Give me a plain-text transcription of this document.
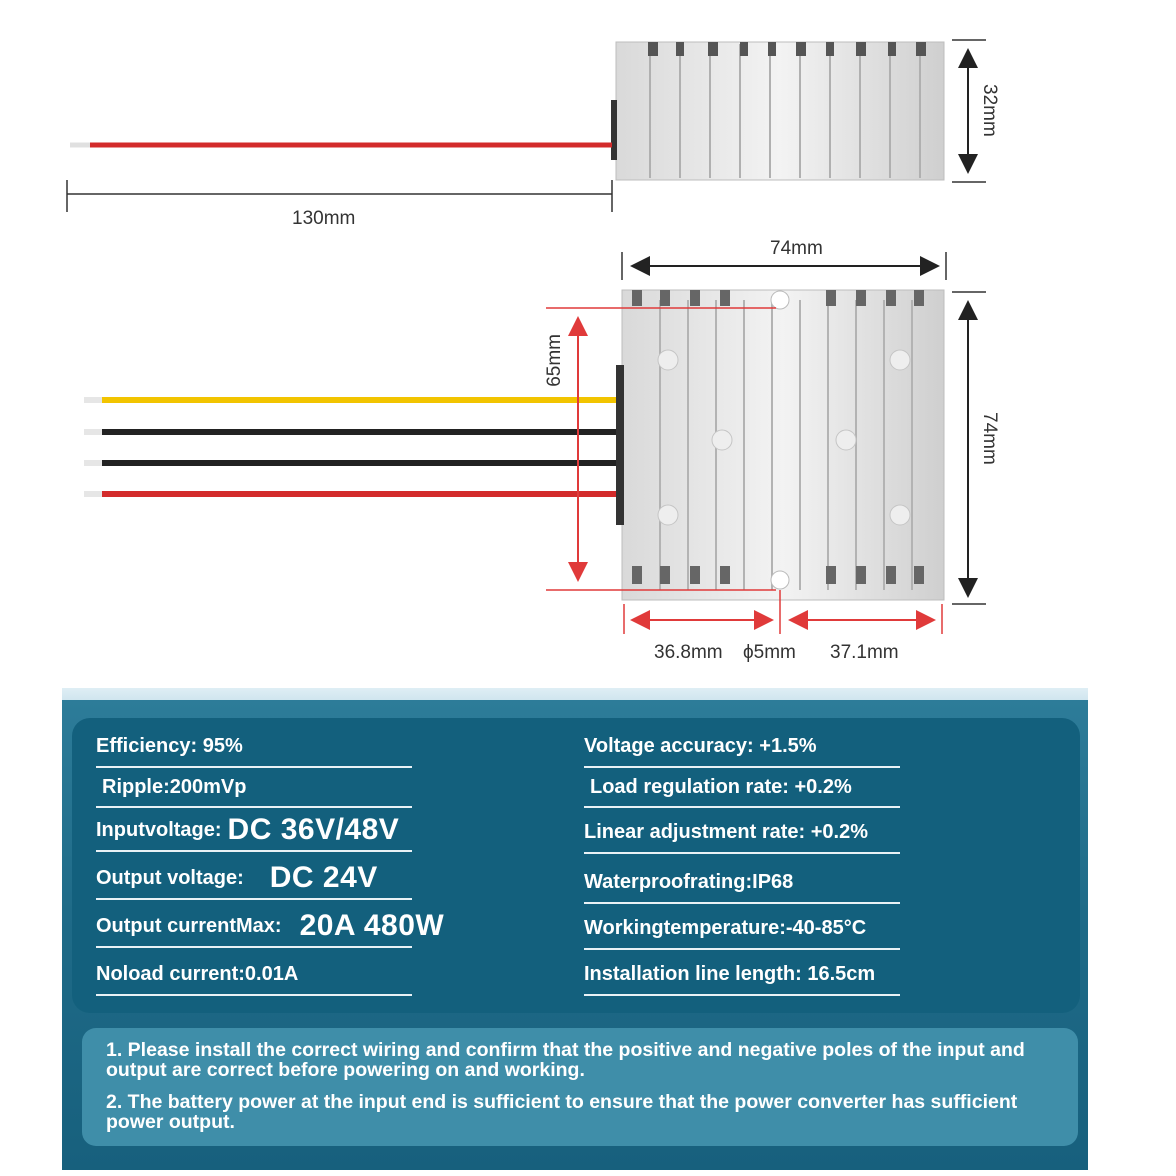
130mm
32mm
74mm
74mm
65mm
36.8mm ϕ5mm 37.1mm
Efficiency: 95%
Ripple:200mVp
Inputvoltage: DC 36V/48V
Output voltage: DC 24V
Output currentMax: 20A 480W
Noload current:0.01A
Voltage accuracy: +1.5%
Load regulation rate: +0.2%
Linear adjustment rate: +0.2%
Waterproofrating:IP68
Workingtemperature:-40-85°C
Installation line length: 16.5cm
1. Please install the correct wiring and confirm that the positive and negative poles of the input and output are correct before powering on and working.
2. The battery power at the input end is sufficient to ensure that the power converter has sufficient power output.
